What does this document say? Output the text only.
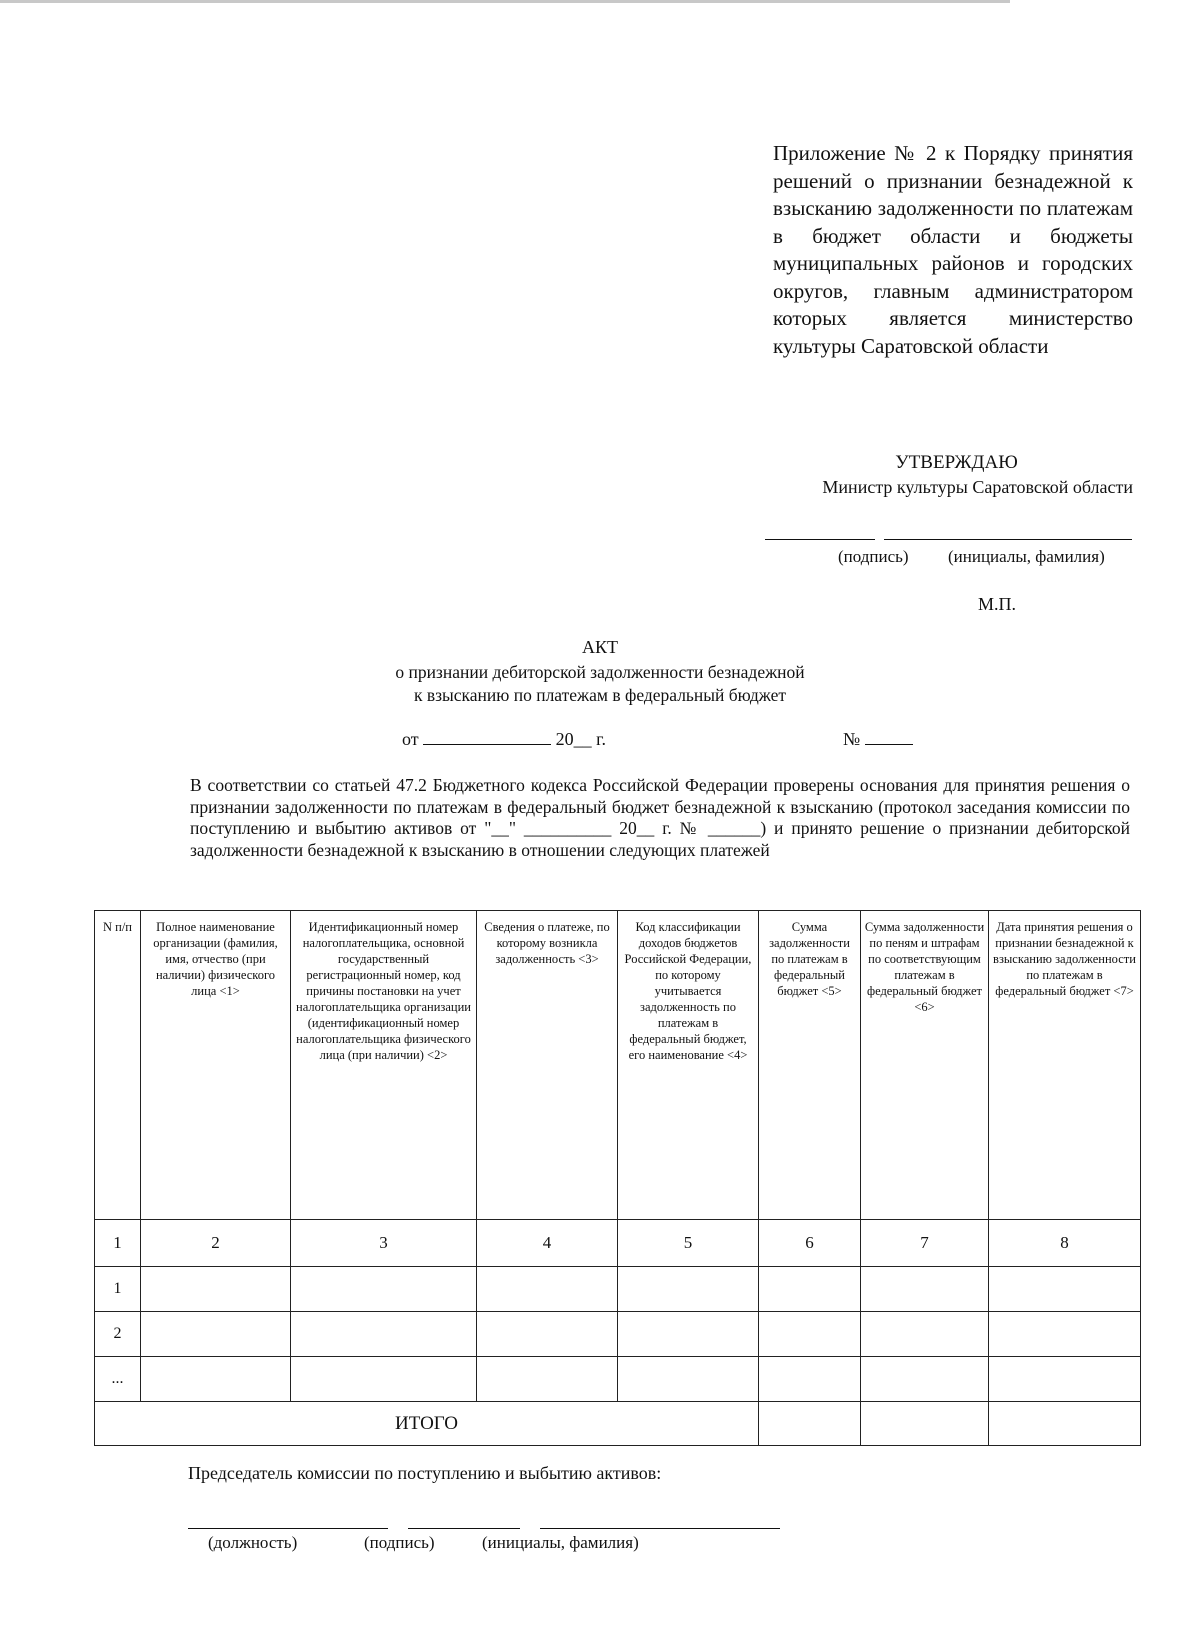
Приложение № 2 к Порядку принятия решений о признании безнадежной к взысканию задолженности по платежам в бюджет области и бюджеты муниципальных районов и городских округов, главным администратором которых является министерство культуры Саратовской области
УТВЕРЖДАЮ
Министр культуры Саратовской области
(подпись) (инициалы, фамилия)
М.П.
АКТ
о признании дебиторской задолженности безнадежной
к взысканию по платежам в федеральный бюджет
от	20__ г.	№
В соответствии со статьей 47.2 Бюджетного кодекса Российской Федерации проверены основания для принятия решения о признании задолженности по платежам в федеральный бюджет безнадежной к взысканию (протокол заседания комиссии по поступлению и выбытию активов от "__" __________ 20__ г. № ______) и принято решение о признании дебиторской задолженности безнадежной к взысканию в отношении следующих платежей
N п/п	Полное наименование организации (фамилия, имя, отчество (при наличии) физического лица <1>	Идентификационный номер налогоплательщика, основной государственный регистрационный номер, код причины постановки на учет налогоплательщика организации (идентификационный номер налогоплательщика физического лица (при наличии) <2>	Сведения о платеже, по которому возникла задолженность <3>	Код классификации доходов бюджетов Российской Федерации, по которому учитывается задолженность по платежам в федеральный бюджет, его наименование <4>	Сумма задолженности по платежам в федеральный бюджет <5>	Сумма задолженности по пеням и штрафам по соответствующим платежам в федеральный бюджет <6>	Дата принятия решения о признании безнадежной к взысканию задолженности по платежам в федеральный бюджет <7>
1	2	3	4	5	6	7	8
1							
2							
...							
ИТОГО							
Председатель комиссии по поступлению и выбытию активов:
(должность)	(подпись)	(инициалы, фамилия)
